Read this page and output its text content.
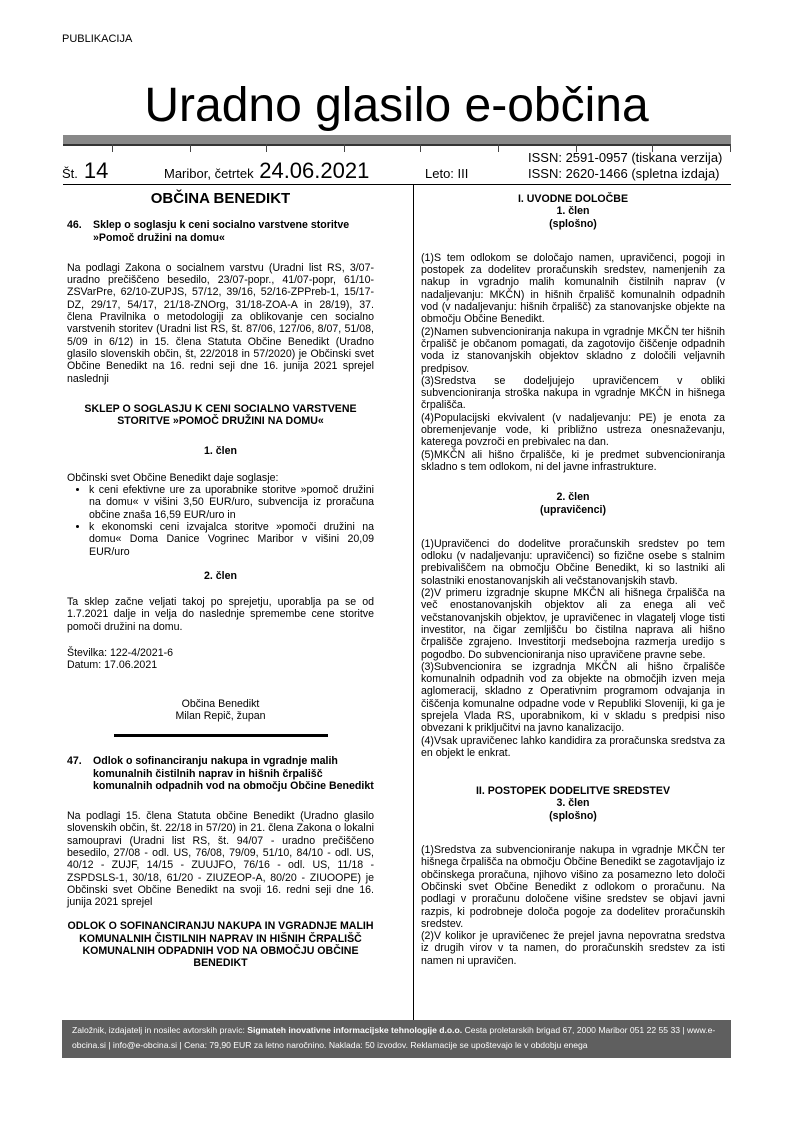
PUBLIKACIJA
Uradno glasilo e-občina
Št. 14	Maribor, četrtek 24.06.2021	Leto: III
ISSN: 2591-0957 (tiskana verzija)
ISSN: 2620-1466 (spletna izdaja)

OBČINA BENEDIKT

46.	Sklep o soglasju k ceni socialno varstvene storitve »Pomoč družini na domu«

Na podlagi Zakona o socialnem varstvu (Uradni list RS, 3/07-uradno prečiščeno besedilo, 23/07-popr., 41/07-popr, 61/10-ZSVarPre, 62/10-ZUPJS, 57/12, 39/16, 52/16-ZPPreb-1, 15/17-DZ, 29/17, 54/17, 21/18-ZNOrg, 31/18-ZOA-A in 28/19), 37. člena Pravilnika o metodologiji za oblikovanje cen socialno varstvenih storitev (Uradni list RS, št. 87/06, 127/06, 8/07, 51/08, 5/09 in 6/12) in 15. člena Statuta Občine Benedikt (Uradno glasilo slovenskih občin, št, 22/2018 in 57/2020) je Občinski svet Občine Benedikt na 16. redni seji dne 16. junija 2021 sprejel naslednji

SKLEP O SOGLASJU K CENI SOCIALNO VARSTVENE STORITVE »POMOČ DRUŽINI NA DOMU«

1. člen

Občinski svet Občine Benedikt daje soglasje:

• k ceni efektivne ure za uporabnike storitve »pomoč družini na domu« v višini 3,50 EUR/uro, subvencija iz proračuna občine znaša 16,59 EUR/uro in
• k ekonomski ceni izvajalca storitve »pomoči družini na domu« Doma Danice Vogrinec Maribor v višini 20,09 EUR/uro

2. člen

Ta sklep začne veljati takoj po sprejetju, uporablja pa se od 1.7.2021 dalje in velja do naslednje spremembe cene storitve pomoči družini na domu.

Številka: 122-4/2021-6

Datum: 17.06.2021

Občina Benedikt

Milan Repič, župan

47.	Odlok o sofinanciranju nakupa in vgradnje malih komunalnih čistilnih naprav in hišnih črpališč komunalnih odpadnih vod na območju Občine Benedikt

Na podlagi 15. člena Statuta občine Benedikt (Uradno glasilo slovenskih občin, št. 22/18 in 57/20) in 21. člena Zakona o lokalni samoupravi (Uradni list RS, št. 94/07 - uradno prečiščeno besedilo, 27/08 - odl. US, 76/08, 79/09, 51/10, 84/10 - odl. US, 40/12 - ZUJF, 14/15 - ZUUJFO, 76/16 - odl. US, 11/18 - ZSPDSLS-1, 30/18, 61/20 - ZIUZEOP-A, 80/20 - ZIUOOPE) je Občinski svet Občine Benedikt na svoji 16. redni seji dne 16. junija 2021 sprejel

ODLOK O SOFINANCIRANJU NAKUPA IN VGRADNJE MALIH KOMUNALNIH ČISTILNIH NAPRAV IN HIŠNIH ČRPALIŠČ KOMUNALNIH ODPADNIH VOD NA OBMOČJU OBČINE BENEDIKT

I. UVODNE DOLOČBE

1. člen

(splošno)

(1)S tem odlokom se določajo namen, upravičenci, pogoji in postopek za dodelitev proračunskih sredstev, namenjenih za nakup in vgradnjo malih komunalnih čistilnih naprav (v nadaljevanju: MKČN) in hišnih črpališč komunalnih odpadnih vod (v nadaljevanju: hišnih črpališč) za stanovanjske objekte na območju Občine Benedikt.

(2)Namen subvencioniranja nakupa in vgradnje MKČN ter hišnih črpališč je občanom pomagati, da zagotovijo čiščenje odpadnih voda iz stanovanjskih objektov skladno z določili veljavnih predpisov.

(3)Sredstva se dodeljujejo upravičencem v obliki subvencioniranja stroška nakupa in vgradnje MKČN in hišnega črpališča.

(4)Populacijski ekvivalent (v nadaljevanju: PE) je enota za obremenjevanje vode, ki približno ustreza onesnaževanju, katerega povzroči en prebivalec na dan.

(5)MKČN ali hišno črpališče, ki je predmet subvencioniranja skladno s tem odlokom, ni del javne infrastrukture.

2. člen

(upravičenci)

(1)Upravičenci do dodelitve proračunskih sredstev po tem odloku (v nadaljevanju: upravičenci) so fizične osebe s stalnim prebivališčem na območju Občine Benedikt, ki so lastniki ali solastniki enostanovanjskih ali večstanovanjskih stavb.

(2)V primeru izgradnje skupne MKČN ali hišnega črpališča na več enostanovanjskih objektov ali za enega ali več večstanovanjskih objektov, je upravičenec in vlagatelj vloge tisti investitor, na čigar zemljišču bo čistilna naprava ali hišno črpališče zgrajeno. Investitorji medsebojna razmerja uredijo s pogodbo. Do subvencioniranja niso upravičene pravne sebe.

(3)Subvencionira se izgradnja MKČN ali hišno črpališče komunalnih odpadnih vod za objekte na območjih izven meja aglomeracij, skladno z Operativnim programom odvajanja in čiščenja komunalne odpadne vode v Republiki Sloveniji, ki ga je sprejela Vlada RS, uporabnikom, ki v skladu s predpisi niso obvezani k priključitvi na javno kanalizacijo.

(4)Vsak upravičenec lahko kandidira za proračunska sredstva za en objekt le enkrat.

II. POSTOPEK DODELITVE SREDSTEV

3. člen

(splošno)

(1)Sredstva za subvencioniranje nakupa in vgradnje MKČN ter hišnega črpališča na območju Občine Benedikt se zagotavljajo iz občinskega proračuna, njihovo višino za posamezno leto določi Občinski svet Občine Benedikt z odlokom o proračunu. Na podlagi v proračunu določene višine sredstev se objavi javni razpis, ki podrobneje določa pogoje za dodelitev proračunskih sredstev.

(2)V kolikor je upravičenec že prejel javna nepovratna sredstva iz drugih virov v ta namen, do proračunskih sredstev za isti namen ni upravičen.

Založnik, izdajatelj in nosilec avtorskih pravic: Sigmateh inovativne informacijske tehnologije d.o.o. Cesta proletarskih brigad 67, 2000 Maribor 051 22 55 33 | www.e-obcina.si | info@e-obcina.si | Cena: 79,90 EUR za letno naročnino. Naklada: 50 izvodov. Reklamacije se upoštevajo le v obdobju enega
